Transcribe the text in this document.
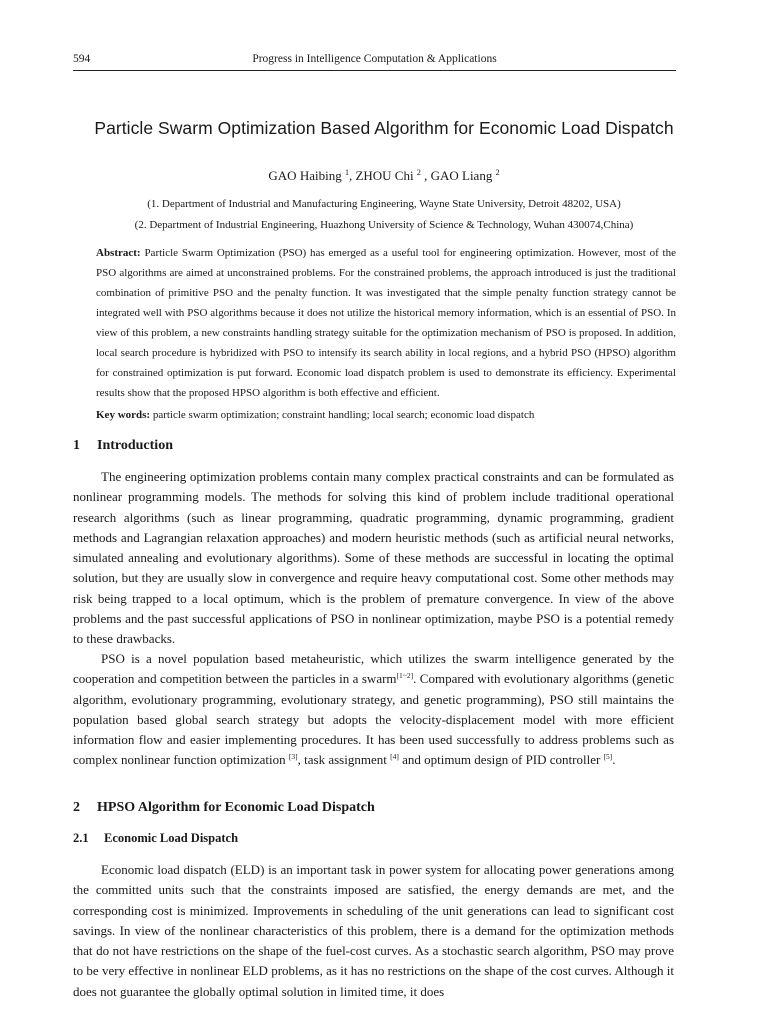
594	Progress in Intelligence Computation & Applications
Particle Swarm Optimization Based Algorithm for Economic Load Dispatch
GAO Haibing $^1$, ZHOU Chi $^2$ , GAO Liang $^2$
(1. Department of Industrial and Manufacturing Engineering, Wayne State University, Detroit 48202, USA)
(2. Department of Industrial Engineering, Huazhong University of Science & Technology, Wuhan 430074,China)
Abstract: Particle Swarm Optimization (PSO) has emerged as a useful tool for engineering optimization. However, most of the PSO algorithms are aimed at unconstrained problems. For the constrained problems, the approach introduced is just the traditional combination of primitive PSO and the penalty function. It was investigated that the simple penalty function strategy cannot be integrated well with PSO algorithms because it does not utilize the historical memory information, which is an essential of PSO. In view of this problem, a new constraints handling strategy suitable for the optimization mechanism of PSO is proposed. In addition, local search procedure is hybridized with PSO to intensify its search ability in local regions, and a hybrid PSO (HPSO) algorithm for constrained optimization is put forward. Economic load dispatch problem is used to demonstrate its efficiency. Experimental results show that the proposed HPSO algorithm is both effective and efficient.
Key words: particle swarm optimization; constraint handling; local search; economic load dispatch
1 Introduction

The engineering optimization problems contain many complex practical constraints and can be formulated as nonlinear programming models. The methods for solving this kind of problem include traditional operational research algorithms (such as linear programming, quadratic programming, dynamic programming, gradient methods and Lagrangian relaxation approaches) and modern heuristic methods (such as artificial neural networks, simulated annealing and evolutionary algorithms). Some of these methods are successful in locating the optimal solution, but they are usually slow in convergence and require heavy computational cost. Some other methods may risk being trapped to a local optimum, which is the problem of premature convergence. In view of the above problems and the past successful applications of PSO in nonlinear optimization, maybe PSO is a potential remedy to these drawbacks.

PSO is a novel population based metaheuristic, which utilizes the swarm intelligence generated by the cooperation and competition between the particles in a swarm[1~2]. Compared with evolutionary algorithms (genetic algorithm, evolutionary programming, evolutionary strategy, and genetic programming), PSO still maintains the population based global search strategy but adopts the velocity-displacement model with more efficient information flow and easier implementing procedures. It has been used successfully to address problems such as complex nonlinear function optimization [3], task assignment [4] and optimum design of PID controller [5].

2 HPSO Algorithm for Economic Load Dispatch
2.1 Economic Load Dispatch

Economic load dispatch (ELD) is an important task in power system for allocating power generations among the committed units such that the constraints imposed are satisfied, the energy demands are met, and the corresponding cost is minimized. Improvements in scheduling of the unit generations can lead to significant cost savings. In view of the nonlinear characteristics of this problem, there is a demand for the optimization methods that do not have restrictions on the shape of the fuel-cost curves. As a stochastic search algorithm, PSO may prove to be very effective in nonlinear ELD problems, as it has no restrictions on the shape of the cost curves. Although it does not guarantee the globally optimal solution in limited time, it does
